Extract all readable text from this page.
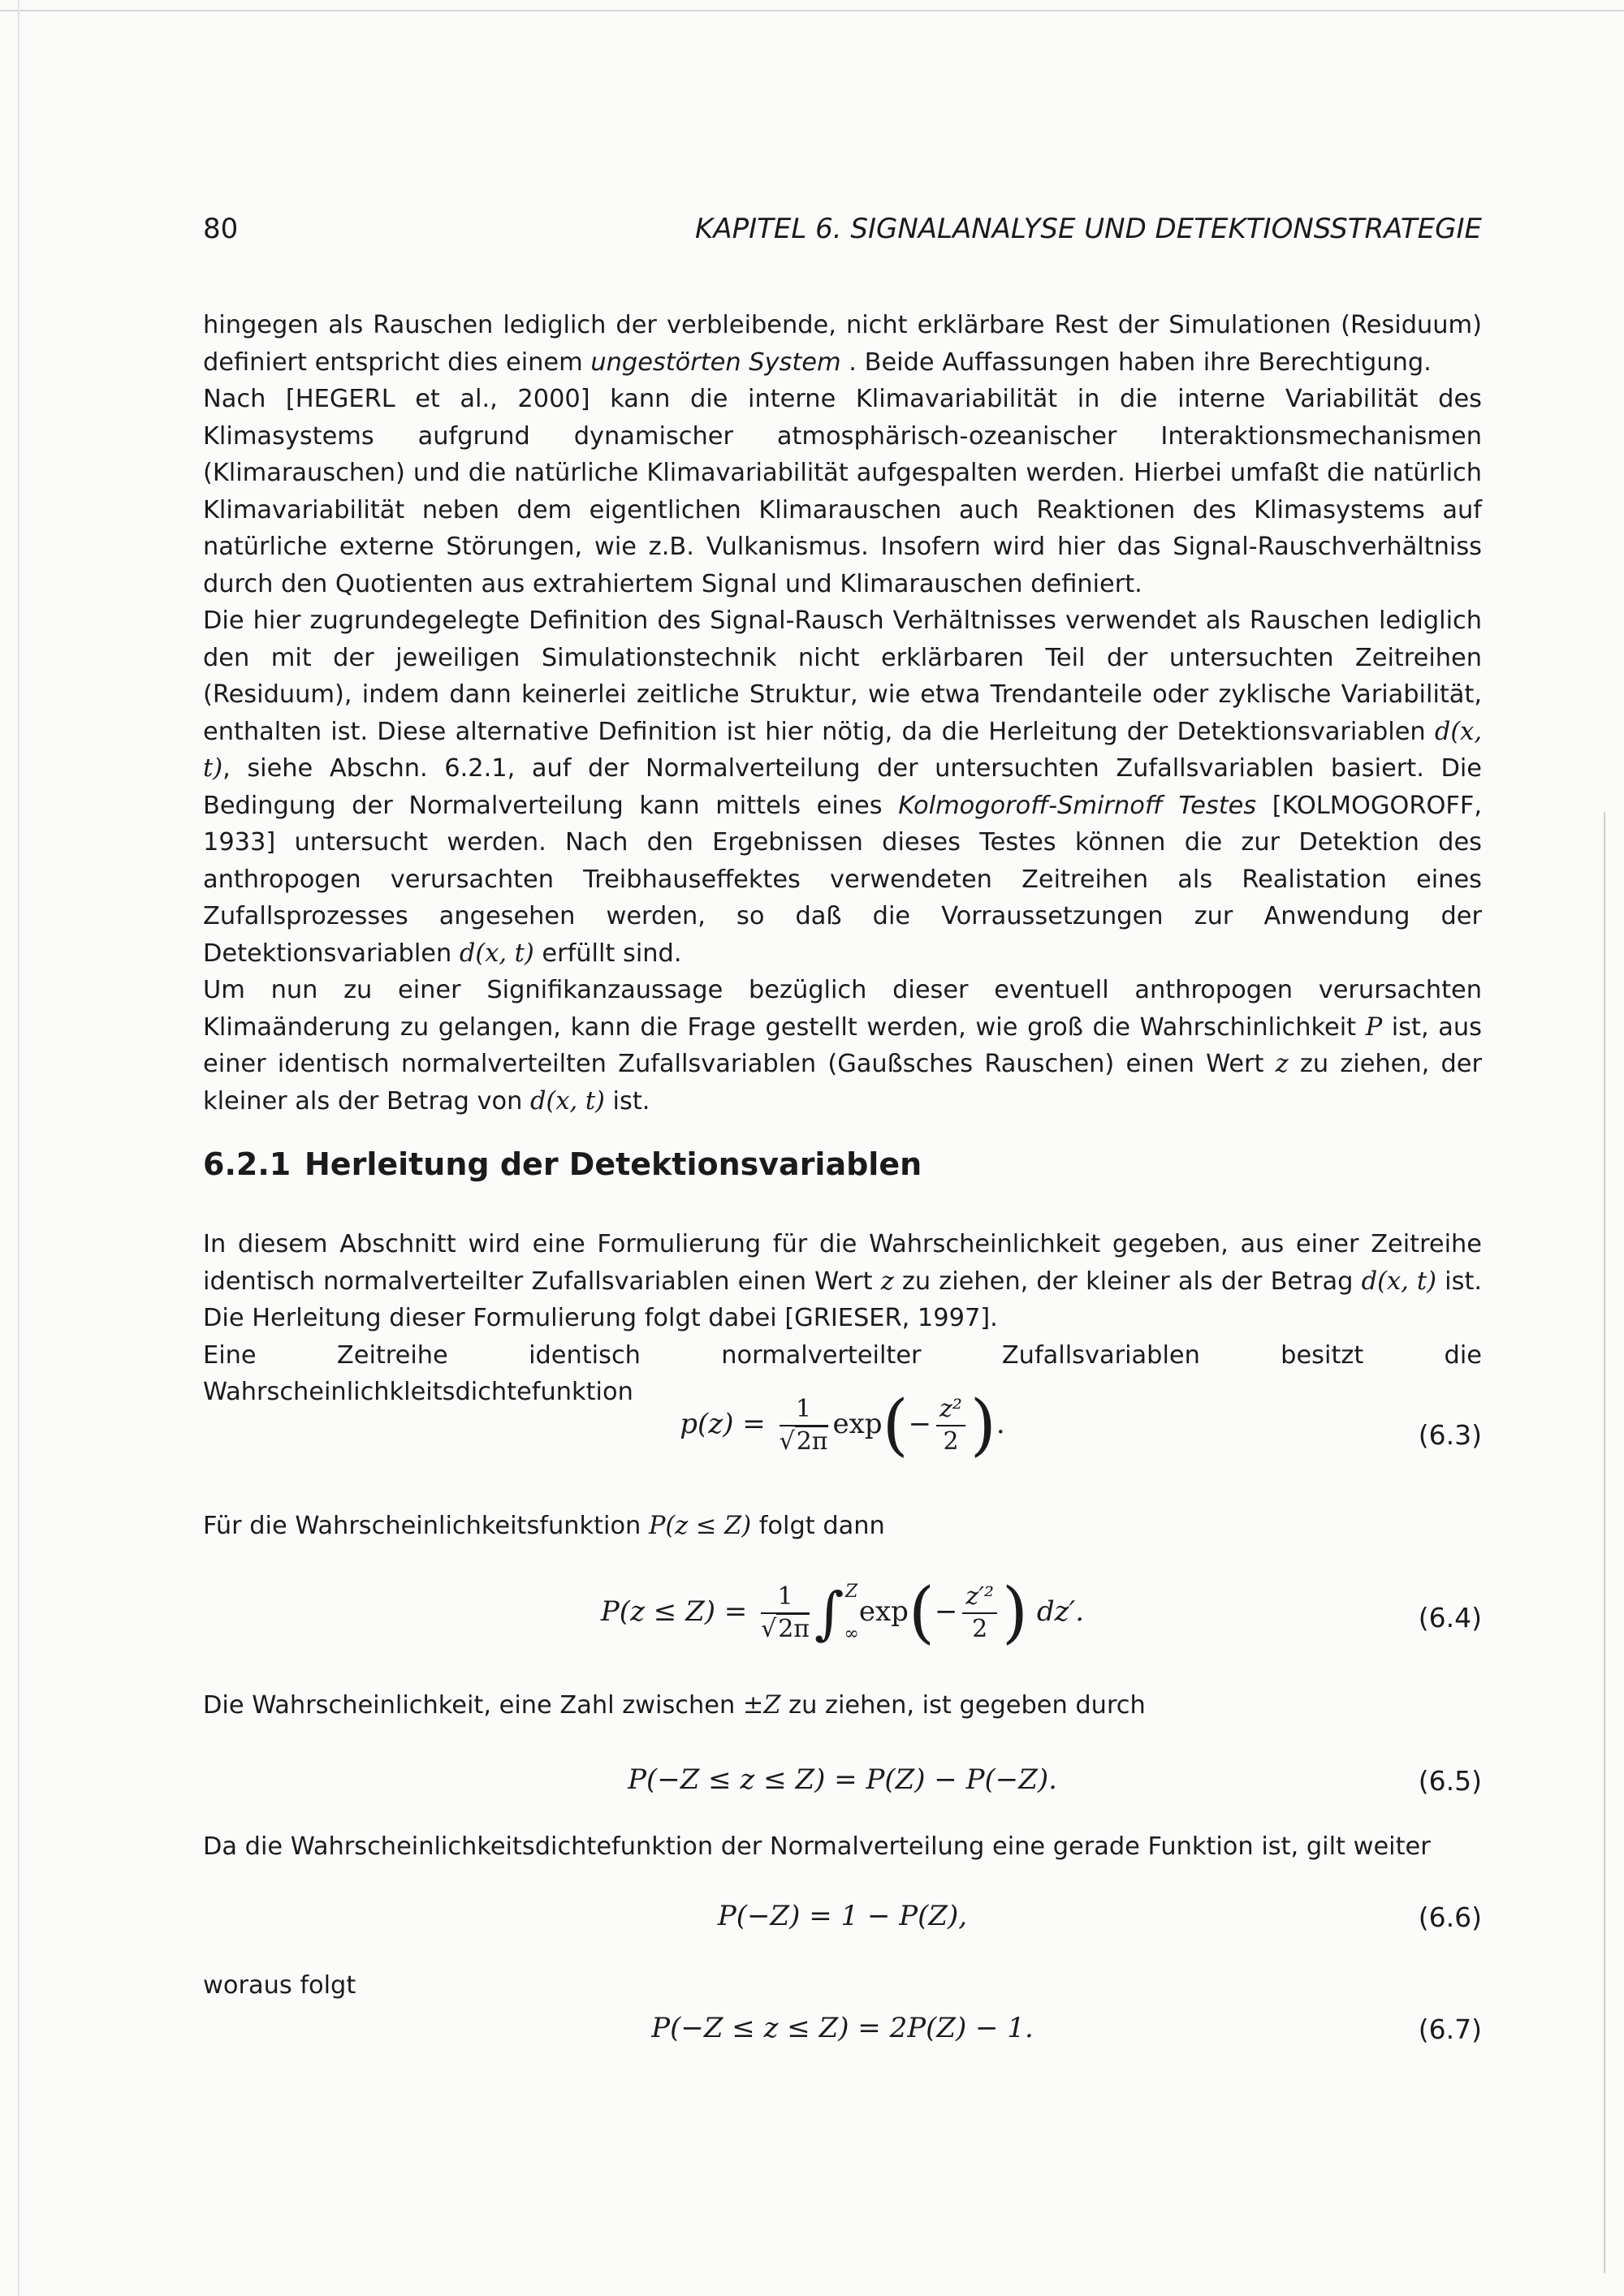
80	KAPITEL 6. SIGNALANALYSE UND DETEKTIONSSTRATEGIE

hingegen als Rauschen lediglich der verbleibende, nicht erklärbare Rest der Simulationen (Residuum) definiert entspricht dies einem ungestörten System . Beide Auffassungen haben ihre Berechtigung.

Nach [HEGERL et al., 2000] kann die interne Klimavariabilität in die interne Variabilität des Klimasystems aufgrund dynamischer atmosphärisch-ozeanischer Interaktionsmechanismen (Klimarauschen) und die natürliche Klimavariabilität aufgespalten werden. Hierbei umfaßt die natürlich Klimavariabilität neben dem eigentlichen Klimarauschen auch Reaktionen des Klimasystems auf natürliche externe Störungen, wie z.B. Vulkanismus. Insofern wird hier das Signal-Rauschverhältniss durch den Quotienten aus extrahiertem Signal und Klimarauschen definiert.

Die hier zugrundegelegte Definition des Signal-Rausch Verhältnisses verwendet als Rauschen lediglich den mit der jeweiligen Simulationstechnik nicht erklärbaren Teil der untersuchten Zeitreihen (Residuum), indem dann keinerlei zeitliche Struktur, wie etwa Trendanteile oder zyklische Variabilität, enthalten ist. Diese alternative Definition ist hier nötig, da die Herleitung der Detektionsvariablen d(x, t), siehe Abschn. 6.2.1, auf der Normalverteilung der untersuchten Zufallsvariablen basiert. Die Bedingung der Normalverteilung kann mittels eines Kolmogoroff-Smirnoff Testes [KOLMOGOROFF, 1933] untersucht werden. Nach den Ergebnissen dieses Testes können die zur Detektion des anthropogen verursachten Treibhauseffektes verwendeten Zeitreihen als Realistation eines Zufallsprozesses angesehen werden, so daß die Vorraussetzungen zur Anwendung der Detektionsvariablen d(x, t) erfüllt sind.

Um nun zu einer Signifikanzaussage bezüglich dieser eventuell anthropogen verursachten Klimaänderung zu gelangen, kann die Frage gestellt werden, wie groß die Wahrschinlichkeit P ist, aus einer identisch normalverteilten Zufallsvariablen (Gaußsches Rauschen) einen Wert z zu ziehen, der kleiner als der Betrag von d(x, t) ist.

6.2.1 Herleitung der Detektionsvariablen

In diesem Abschnitt wird eine Formulierung für die Wahrscheinlichkeit gegeben, aus einer Zeitreihe identisch normalverteilter Zufallsvariablen einen Wert z zu ziehen, der kleiner als der Betrag d(x, t) ist. Die Herleitung dieser Formulierung folgt dabei [GRIESER, 1997].

Eine Zeitreihe identisch normalverteilter Zufallsvariablen besitzt die Wahrscheinlichkleitsdichtefunktion

$p(z) = \frac{1}{√2\pi} \exp(- \frac{\text{z²}}{2}$ ).	(6.3)
Für die Wahrscheinlichkeitsfunktion P(z ≤ Z) folgt dann
$P(z \le Z) = \frac{1}{√2\pi}$ ∫ Z
∞
$\exp(- \frac{\text{z′²}}{2}$ ) dz′.	(6.4)
Die Wahrscheinlichkeit, eine Zahl zwischen ±Z zu ziehen, ist gegeben durch
P(−Z ≤ z ≤ Z) = P(Z) − P(−Z).	(6.5)
Da die Wahrscheinlichkeitsdichtefunktion der Normalverteilung eine gerade Funktion ist, gilt weiter
P(−Z) = 1 − P(Z),	(6.6)
woraus folgt
P(−Z ≤ z ≤ Z) = 2P(Z) − 1.	(6.7)
